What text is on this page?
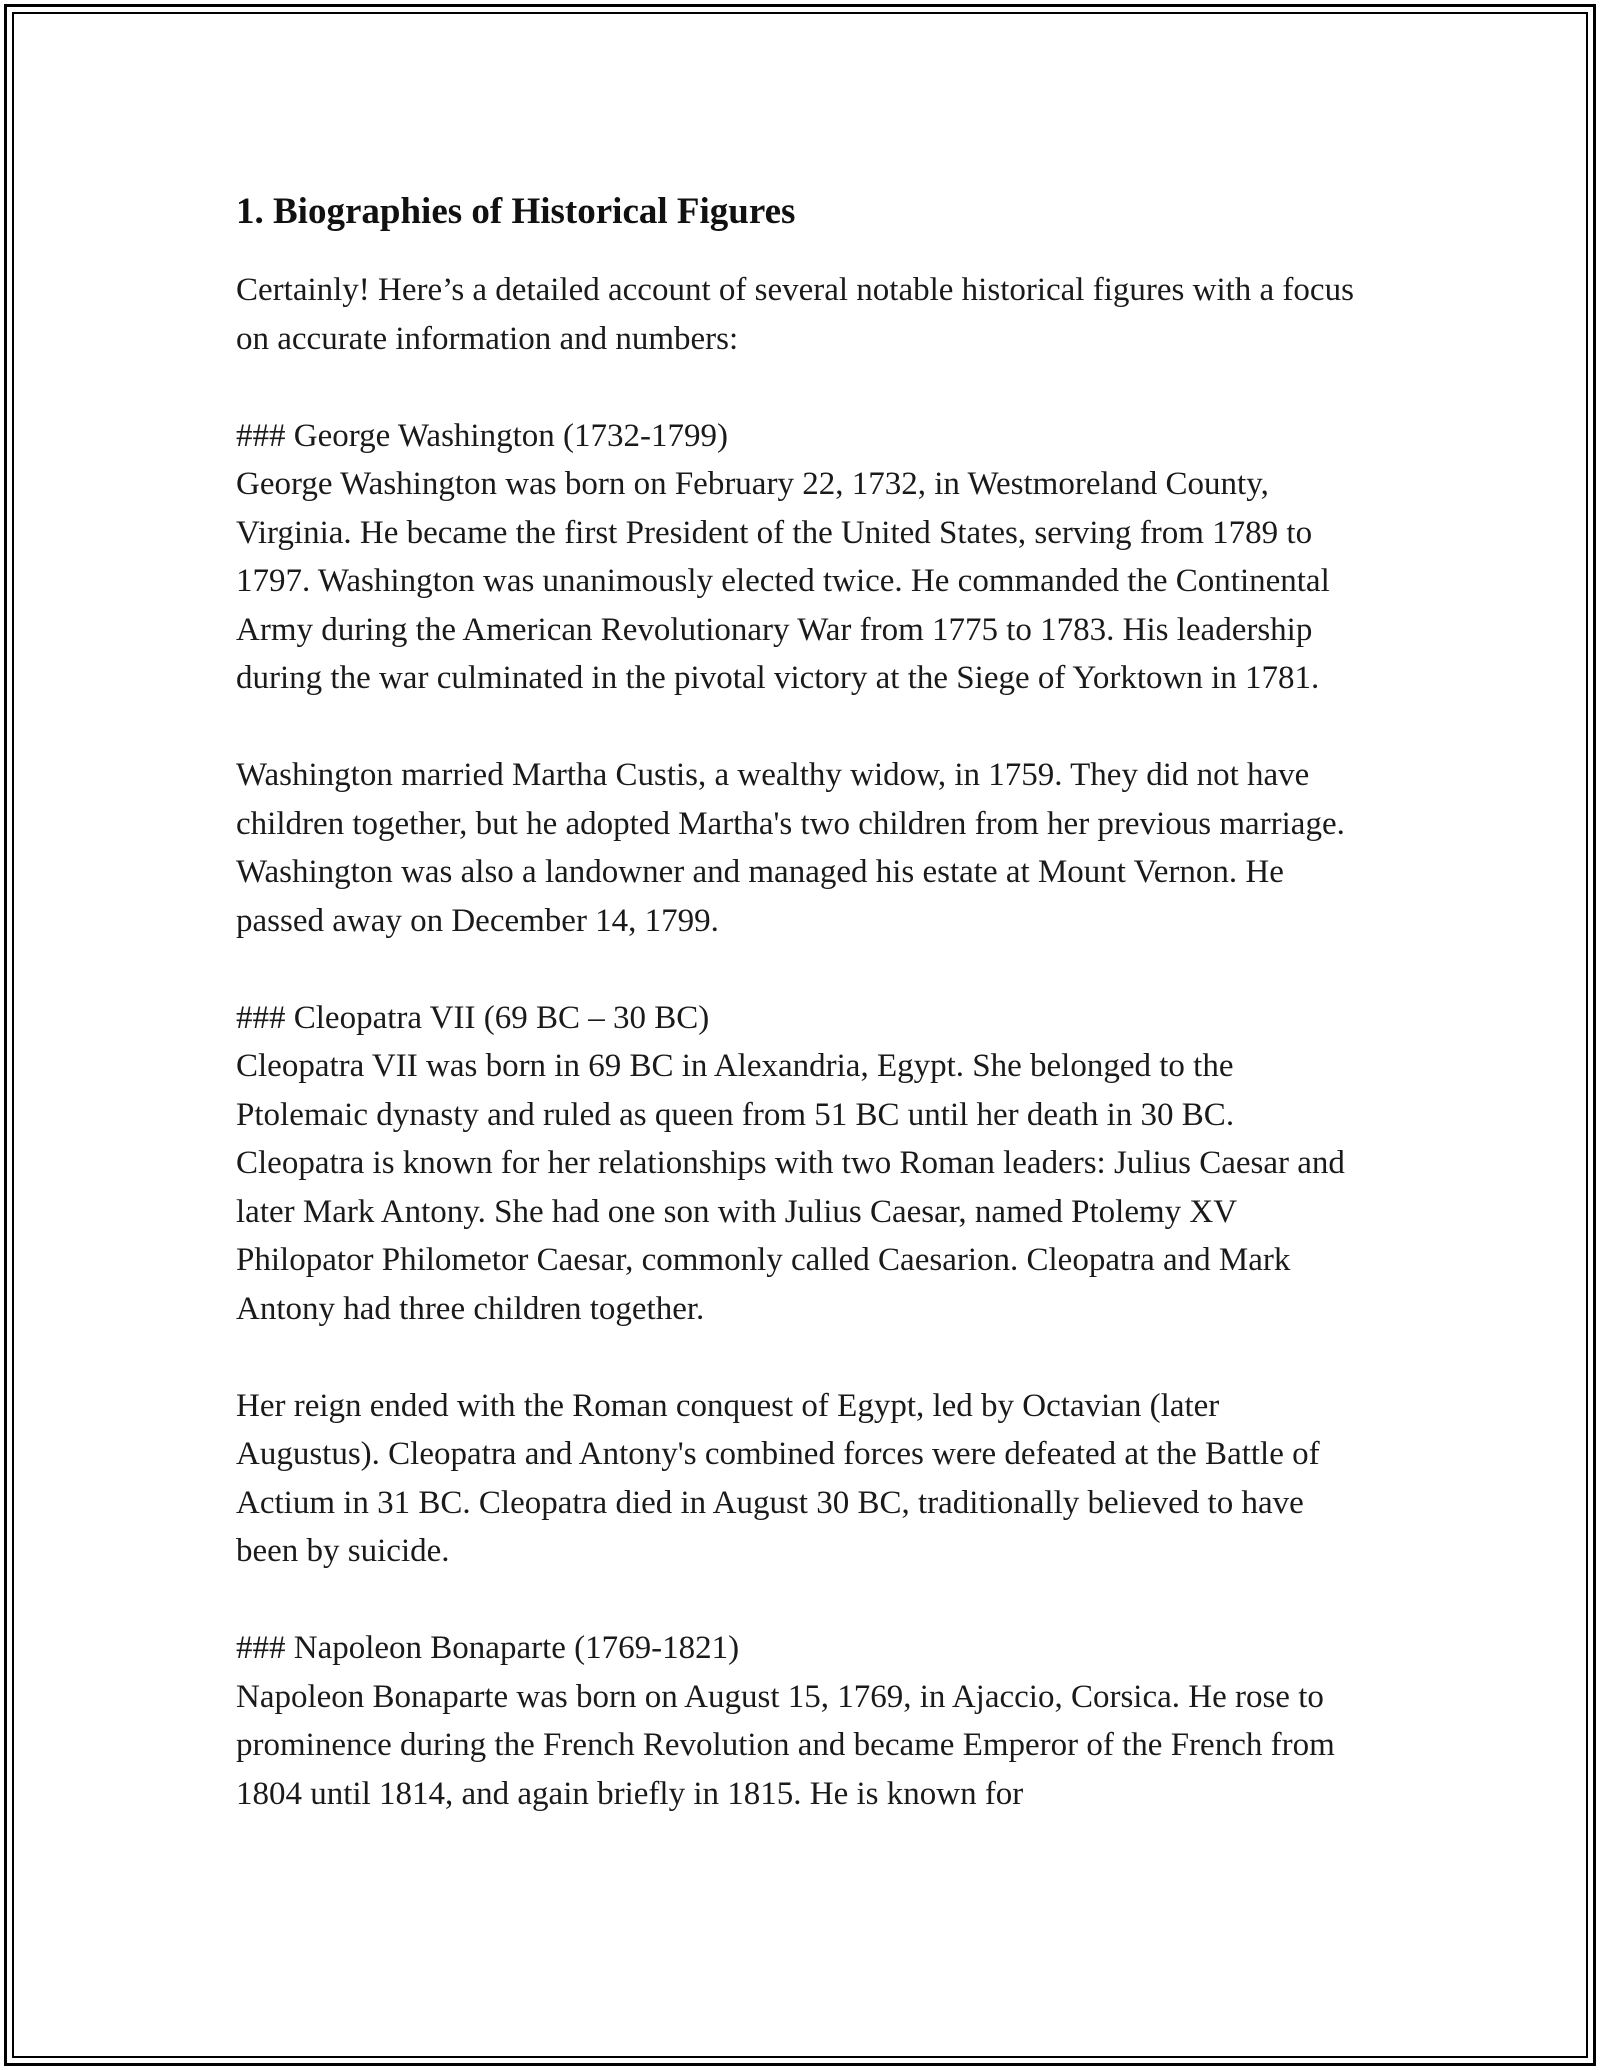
1. Biographies of Historical Figures

Certainly! Here’s a detailed account of several notable historical figures with a focus on accurate information and numbers:

### George Washington (1732-1799)

George Washington was born on February 22, 1732, in Westmoreland County, Virginia. He became the first President of the United States, serving from 1789 to 1797. Washington was unanimously elected twice. He commanded the Continental Army during the American Revolutionary War from 1775 to 1783. His leadership during the war culminated in the pivotal victory at the Siege of Yorktown in 1781.

Washington married Martha Custis, a wealthy widow, in 1759. They did not have children together, but he adopted Martha's two children from her previous marriage. Washington was also a landowner and managed his estate at Mount Vernon. He passed away on December 14, 1799.

### Cleopatra VII (69 BC – 30 BC)

Cleopatra VII was born in 69 BC in Alexandria, Egypt. She belonged to the Ptolemaic dynasty and ruled as queen from 51 BC until her death in 30 BC. Cleopatra is known for her relationships with two Roman leaders: Julius Caesar and later Mark Antony. She had one son with Julius Caesar, named Ptolemy XV Philopator Philometor Caesar, commonly called Caesarion. Cleopatra and Mark Antony had three children together.

Her reign ended with the Roman conquest of Egypt, led by Octavian (later Augustus). Cleopatra and Antony's combined forces were defeated at the Battle of Actium in 31 BC. Cleopatra died in August 30 BC, traditionally believed to have been by suicide.

### Napoleon Bonaparte (1769-1821)

Napoleon Bonaparte was born on August 15, 1769, in Ajaccio, Corsica. He rose to prominence during the French Revolution and became Emperor of the French from 1804 until 1814, and again briefly in 1815. He is known for
